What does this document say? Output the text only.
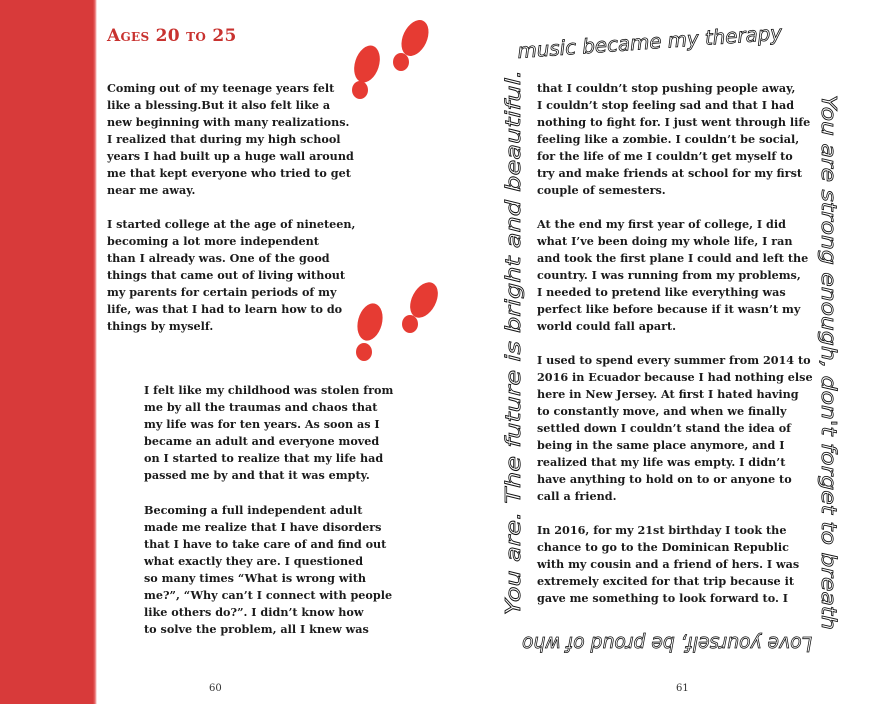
Ages 20 to 25

Coming out of my teenage years felt
like a blessing.But it also felt like a
new beginning with many realizations.
I realized that during my high school
years I had built up a huge wall around
me that kept everyone who tried to get
near me away.

I started college at the age of nineteen,
becoming a lot more independent
than I already was. One of the good
things that came out of living without
my parents for certain periods of my
life, was that I had to learn how to do
things by myself.

I felt like my childhood was stolen from
me by all the traumas and chaos that
my life was for ten years. As soon as I
became an adult and everyone moved
on I started to realize that my life had
passed me by and that it was empty.

Becoming a full independent adult
made me realize that I have disorders
that I have to take care of and find out
what exactly they are. I questioned
so many times “What is wrong with
me?”, “Why can’t I connect with people
like others do?”. I didn’t know how
to solve the problem, all I knew was

60

that I couldn’t stop pushing people away,
I couldn’t stop feeling sad and that I had
nothing to fight for. I just went through life
feeling like a zombie. I couldn’t be social,
for the life of me I couldn’t get myself to
try and make friends at school for my first
couple of semesters.

At the end my first year of college, I did
what I’ve been doing my whole life, I ran
and took the first plane I could and left the
country. I was running from my problems,
I needed to pretend like everything was
perfect like before because if it wasn’t my
world could fall apart.

I used to spend every summer from 2014 to
2016 in Ecuador because I had nothing else
here in New Jersey. At first I hated having
to constantly move, and when we finally
settled down I couldn’t stand the idea of
being in the same place anymore, and I
realized that my life was empty. I didn’t
have anything to hold on to or anyone to
call a friend.

In 2016, for my 21st birthday I took the
chance to go to the Dominican Republic
with my cousin and a friend of hers. I was
extremely excited for that trip because it
gave me something to look forward to. I

61
music became my therapy
You are. The future is bright and beautiful.	You are strong enough, don't forget to breath
Love yourself, be proud of who
